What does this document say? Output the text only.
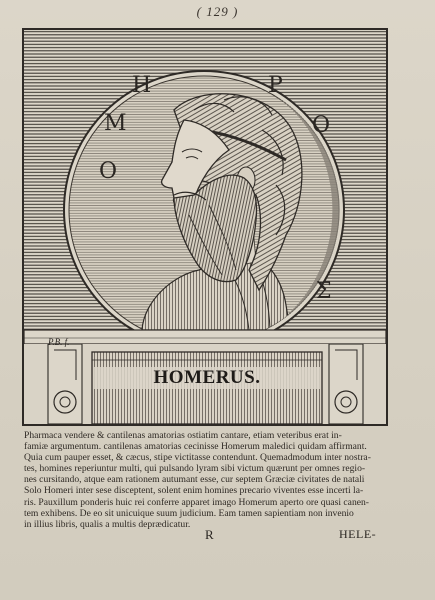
( 129 )
Ο
Μ
Η	Ρ
Ο
Σ
P.B. f.
HOMERUS.
Pharmaca vendere & cantilenas amatorias ostiatim cantare, etiam veteribus erat in-
famiæ argumentum. cantilenas amatorias cecinisse Homerum maledici quidam affirmant.
Quia cum pauper esset, & cæcus, stipe victitasse contendunt. Quemadmodum inter nostra-
tes, homines reperiuntur multi, qui pulsando lyram sibi victum quærunt per omnes regio-
nes cursitando, atque eam rationem autumant esse, cur septem Græciæ civitates de natali
Solo Homeri inter sese disceptent, solent enim homines precario viventes esse incerti la-
ris. Pauxillum ponderis huic rei conferre apparet imago Homerum aperto ore quasi canen-
tem exhibens. De eo sit unicuique suum judicium. Eam tamen sapientiam non invenio
in illius libris, qualis a multis deprædicatur.
R	HELE-
